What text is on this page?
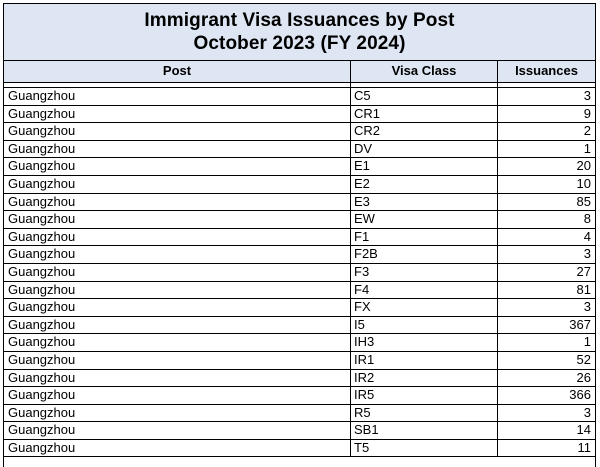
Immigrant Visa Issuances by Post
October 2023 (FY 2024)
Post	Visa Class	Issuances
Guangzhou	C5	3
Guangzhou	CR1	9
Guangzhou	CR2	2
Guangzhou	DV	1
Guangzhou	E1	20
Guangzhou	E2	10
Guangzhou	E3	85
Guangzhou	EW	8
Guangzhou	F1	4
Guangzhou	F2B	3
Guangzhou	F3	27
Guangzhou	F4	81
Guangzhou	FX	3
Guangzhou	I5	367
Guangzhou	IH3	1
Guangzhou	IR1	52
Guangzhou	IR2	26
Guangzhou	IR5	366
Guangzhou	R5	3
Guangzhou	SB1	14
Guangzhou	T5	11
